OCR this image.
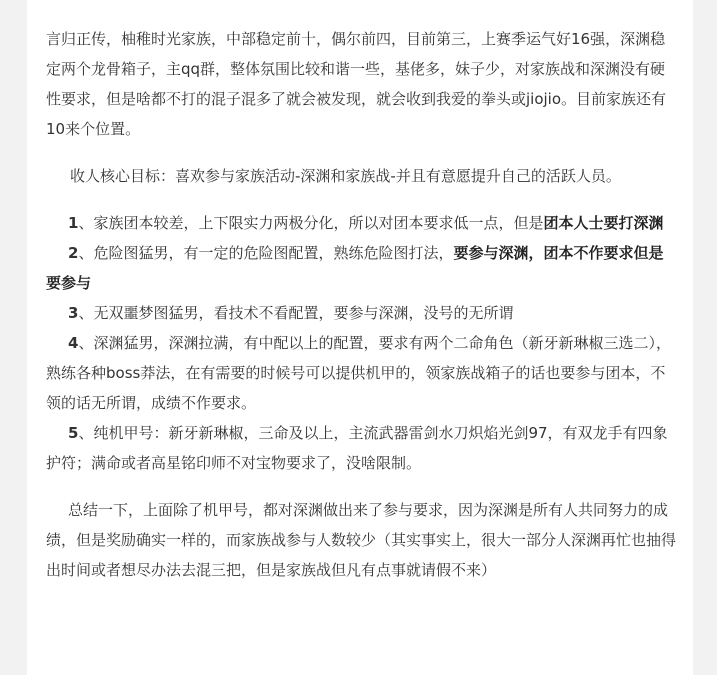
言归正传，柚稚时光家族，中部稳定前十，偶尔前四，目前第三，上赛季运气好16强，深渊稳定两个龙骨箱子，主qq群，整体氛围比较和谐一些，基佬多，妹子少，对家族战和深渊没有硬性要求，但是啥都不打的混子混多了就会被发现，就会收到我爱的拳头或jiojio。目前家族还有10来个位置。

收人核心目标：喜欢参与家族活动-深渊和家族战-并且有意愿提升自己的活跃人员。

1、家族团本较差，上下限实力两极分化，所以对团本要求低一点，但是团本人士要打深渊

2、危险图猛男，有一定的危险图配置，熟练危险图打法，要参与深渊，团本不作要求但是要参与

3、无双噩梦图猛男，看技术不看配置，要参与深渊，没号的无所谓

4、深渊猛男，深渊拉满，有中配以上的配置，要求有两个二命角色（新牙新琳椒三选二），熟练各种boss莽法，在有需要的时候号可以提供机甲的，领家族战箱子的话也要参与团本，不领的话无所谓，成绩不作要求。

5、纯机甲号：新牙新琳椒，三命及以上，主流武器雷剑水刀炽焰光剑97，有双龙手有四象护符；满命或者高星铭印师不对宝物要求了，没啥限制。

总结一下，上面除了机甲号，都对深渊做出来了参与要求，因为深渊是所有人共同努力的成绩，但是奖励确实一样的，而家族战参与人数较少（其实事实上，很大一部分人深渊再忙也抽得出时间或者想尽办法去混三把，但是家族战但凡有点事就请假不来）
